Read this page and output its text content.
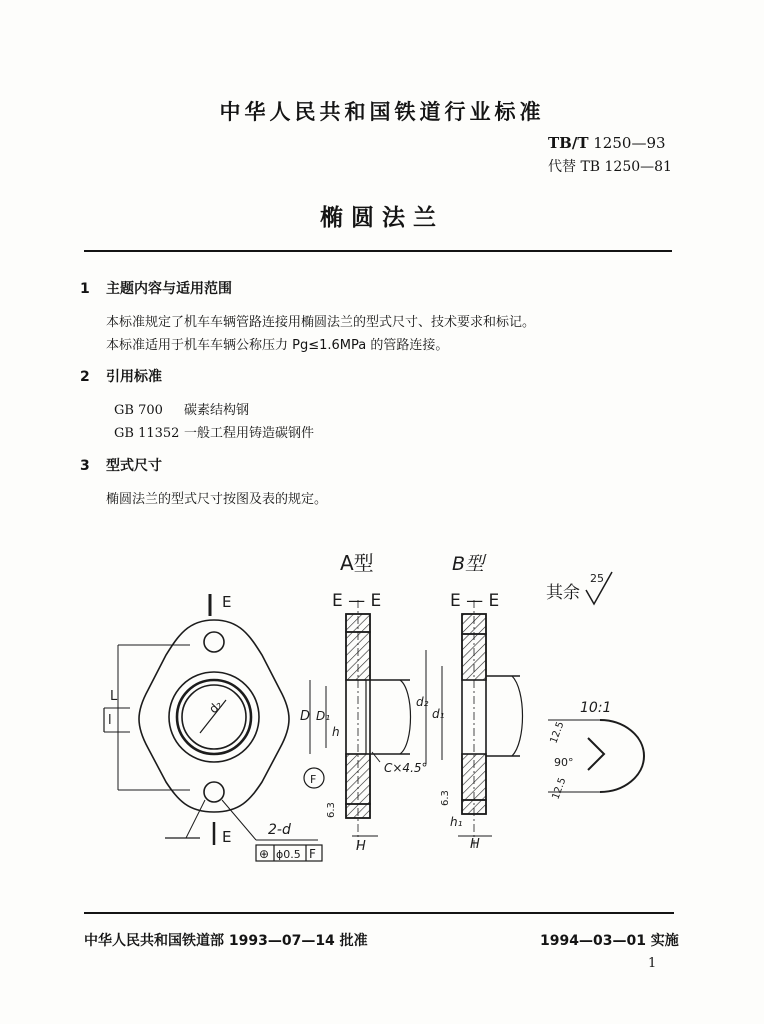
中华人民共和国铁道行业标准
TB/T 1250—93
代替 TB 1250—81
椭圆法兰
1 主题内容与适用范围
本标准规定了机车车辆管路连接用椭圆法兰的型式尺寸、技术要求和标记。
本标准适用于机车车辆公称压力 Pg≤1.6MPa 的管路连接。
2 引用标准
GB 700 碳素结构钢
GB 11352 一般工程用铸造碳钢件
3 型式尺寸
椭圆法兰的型式尺寸按图及表的规定。
E
E
d₂
l
L
2-d
⊕ ϕ0.5 F
A型
E — E
D D₁
h
C×4.5°
F
6.3
H
B型
E — E
d₂
d₁
h₁
6.3
H
其余
25
10:1
12.5
90°
12.5
中华人民共和国铁道部 1993—07—14 批准	1994—03—01 实施
1
